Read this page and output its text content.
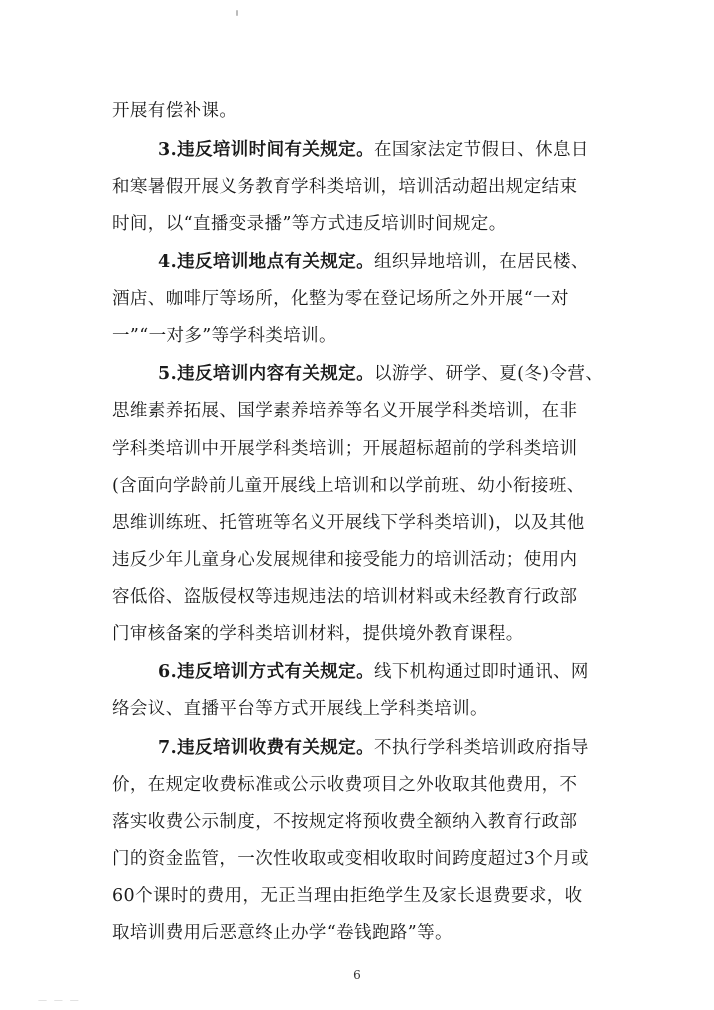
开展有偿补课。
3.违反培训时间有关规定。在国家法定节假日、休息日
和寒暑假开展义务教育学科类培训，培训活动超出规定结束
时间，以“直播变录播”等方式违反培训时间规定。
4.违反培训地点有关规定。组织异地培训，在居民楼、
酒店、咖啡厅等场所，化整为零在登记场所之外开展“一对
一”“一对多”等学科类培训。
5.违反培训内容有关规定。以游学、研学、夏(冬)令营、
思维素养拓展、国学素养培养等名义开展学科类培训，在非
学科类培训中开展学科类培训；开展超标超前的学科类培训
(含面向学龄前儿童开展线上培训和以学前班、幼小衔接班、
思维训练班、托管班等名义开展线下学科类培训)，以及其他
违反少年儿童身心发展规律和接受能力的培训活动；使用内
容低俗、盗版侵权等违规违法的培训材料或未经教育行政部
门审核备案的学科类培训材料，提供境外教育课程。
6.违反培训方式有关规定。线下机构通过即时通讯、网
络会议、直播平台等方式开展线上学科类培训。
7.违反培训收费有关规定。不执行学科类培训政府指导
价，在规定收费标准或公示收费项目之外收取其他费用，不
落实收费公示制度，不按规定将预收费全额纳入教育行政部
门的资金监管，一次性收取或变相收取时间跨度超过3个月或
60个课时的费用，无正当理由拒绝学生及家长退费要求，收
取培训费用后恶意终止办学“卷钱跑路”等。
6
— — —
